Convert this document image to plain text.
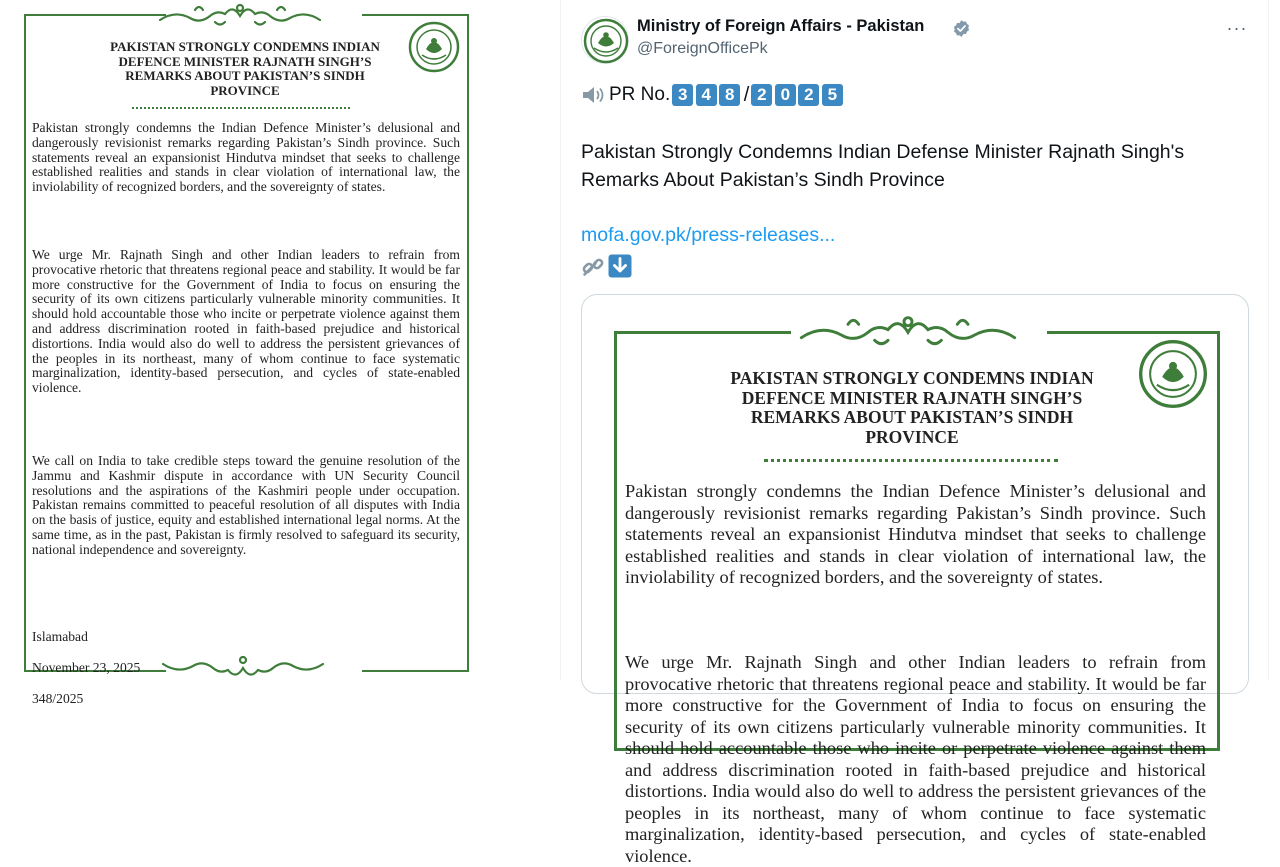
PAKISTAN STRONGLY CONDEMNS INDIAN
DEFENCE MINISTER RAJNATH SINGH’S
REMARKS ABOUT PAKISTAN’S SINDH
PROVINCE
Pakistan strongly condemns the Indian Defence Minister’s delusional and dangerously revisionist remarks regarding Pakistan’s Sindh province. Such statements reveal an expansionist Hindutva mindset that seeks to challenge established realities and stands in clear violation of international law, the inviolability of recognized borders, and the sovereignty of states.
We urge Mr. Rajnath Singh and other Indian leaders to refrain from provocative rhetoric that threatens regional peace and stability. It would be far more constructive for the Government of India to focus on ensuring the security of its own citizens particularly vulnerable minority communities. It should hold accountable those who incite or perpetrate violence against them and address discrimination rooted in faith-based prejudice and historical distortions. India would also do well to address the persistent grievances of the peoples in its northeast, many of whom continue to face systematic marginalization, identity-based persecution, and cycles of state-enabled violence.
We call on India to take credible steps toward the genuine resolution of the Jammu and Kashmir dispute in accordance with UN Security Council resolutions and the aspirations of the Kashmiri people under occupation. Pakistan remains committed to peaceful resolution of all disputes with India on the basis of justice, equity and established international legal norms. At the same time, as in the past, Pakistan is firmly resolved to safeguard its security, national independence and sovereignty.

Islamabad

November 23, 2025

348/2025

Ministry of Foreign Affairs - Pakistan
@ForeignOfficePk
···
PR No. 3 4 8 / 2 0 2 5
Pakistan Strongly Condemns Indian Defense Minister Rajnath Singh's Remarks About Pakistan’s Sindh Province
mofa.gov.pk/press-releases...
PAKISTAN STRONGLY CONDEMNS INDIAN
DEFENCE MINISTER RAJNATH SINGH’S
REMARKS ABOUT PAKISTAN’S SINDH
PROVINCE
Pakistan strongly condemns the Indian Defence Minister’s delusional and dangerously revisionist remarks regarding Pakistan’s Sindh province. Such statements reveal an expansionist Hindutva mindset that seeks to challenge established realities and stands in clear violation of international law, the inviolability of recognized borders, and the sovereignty of states.
We urge Mr. Rajnath Singh and other Indian leaders to refrain from provocative rhetoric that threatens regional peace and stability. It would be far more constructive for the Government of India to focus on ensuring the security of its own citizens particularly vulnerable minority communities. It should hold accountable those who incite or perpetrate violence against them and address discrimination rooted in faith-based prejudice and historical distortions. India would also do well to address the persistent grievances of the peoples in its northeast, many of whom continue to face systematic marginalization, identity-based persecution, and cycles of state-enabled violence.
